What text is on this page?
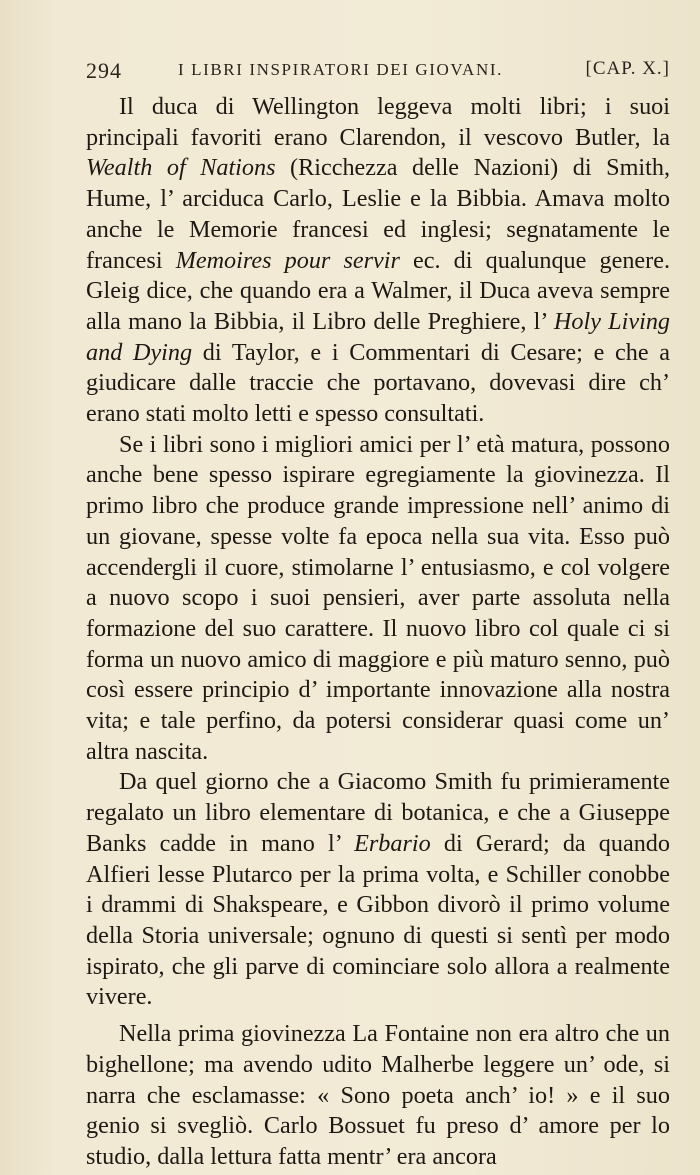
294	I LIBRI INSPIRATORI DEI GIOVANI.	[CAP. X.]

Il duca di Wellington leggeva molti libri; i suoi principali favoriti erano Clarendon, il vescovo Butler, la Wealth of Nations (Ricchezza delle Nazioni) di Smith, Hume, l’ arciduca Carlo, Leslie e la Bibbia. Amava molto anche le Memorie francesi ed inglesi; segnatamente le francesi Memoires pour servir ec. di qualunque genere. Gleig dice, che quando era a Walmer, il Duca aveva sempre alla mano la Bibbia, il Libro delle Preghiere, l’ Holy Living and Dying di Taylor, e i Commentari di Cesare; e che a giudicare dalle traccie che portavano, dovevasi dire ch’ erano stati molto letti e spesso consultati.

Se i libri sono i migliori amici per l’ età matura, possono anche bene spesso ispirare egregiamente la giovinezza. Il primo libro che produce grande impressione nell’ animo di un giovane, spesse volte fa epoca nella sua vita. Esso può accendergli il cuore, stimolarne l’ entusiasmo, e col volgere a nuovo scopo i suoi pensieri, aver parte assoluta nella formazione del suo carattere. Il nuovo libro col quale ci si forma un nuovo amico di maggiore e più maturo senno, può così essere principio d’ importante innovazione alla nostra vita; e tale perfino, da potersi considerar quasi come un’ altra nascita.

Da quel giorno che a Giacomo Smith fu primieramente regalato un libro elementare di botanica, e che a Giuseppe Banks cadde in mano l’ Erbario di Gerard; da quando Alfieri lesse Plutarco per la prima volta, e Schiller conobbe i drammi di Shakspeare, e Gibbon divorò il primo volume della Storia universale; ognuno di questi si sentì per modo ispirato, che gli parve di cominciare solo allora a realmente vivere.

Nella prima giovinezza La Fontaine non era altro che un bighellone; ma avendo udito Malherbe leggere un’ ode, si narra che esclamasse: « Sono poeta anch’ io! » e il suo genio si svegliò. Carlo Bossuet fu preso d’ amore per lo studio, dalla lettura fatta mentr’ era ancora
